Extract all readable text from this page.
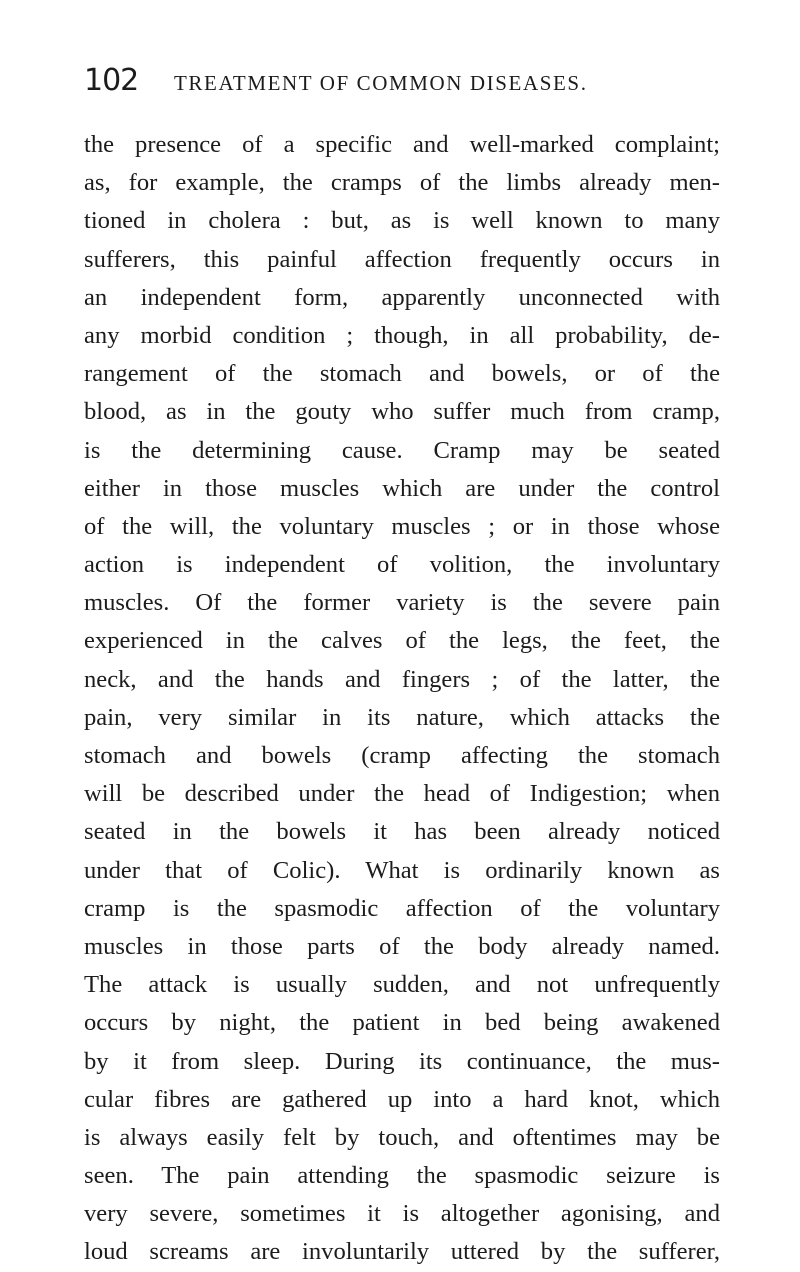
102 TREATMENT OF COMMON DISEASES.
the presence of a specific and well-marked complaint;
as, for example, the cramps of the limbs already men-
tioned in cholera : but, as is well known to many
sufferers, this painful affection frequently occurs in
an independent form, apparently unconnected with
any morbid condition ; though, in all probability, de-
rangement of the stomach and bowels, or of the
blood, as in the gouty who suffer much from cramp,
is the determining cause. Cramp may be seated
either in those muscles which are under the control
of the will, the voluntary muscles ; or in those whose
action is independent of volition, the involuntary
muscles. Of the former variety is the severe pain
experienced in the calves of the legs, the feet, the
neck, and the hands and fingers ; of the latter, the
pain, very similar in its nature, which attacks the
stomach and bowels (cramp affecting the stomach
will be described under the head of Indigestion; when
seated in the bowels it has been already noticed
under that of Colic). What is ordinarily known as
cramp is the spasmodic affection of the voluntary
muscles in those parts of the body already named.
The attack is usually sudden, and not unfrequently
occurs by night, the patient in bed being awakened
by it from sleep. During its continuance, the mus-
cular fibres are gathered up into a hard knot, which
is always easily felt by touch, and oftentimes may be
seen. The pain attending the spasmodic seizure is
very severe, sometimes it is altogether agonising, and
loud screams are involuntarily uttered by the sufferer,
